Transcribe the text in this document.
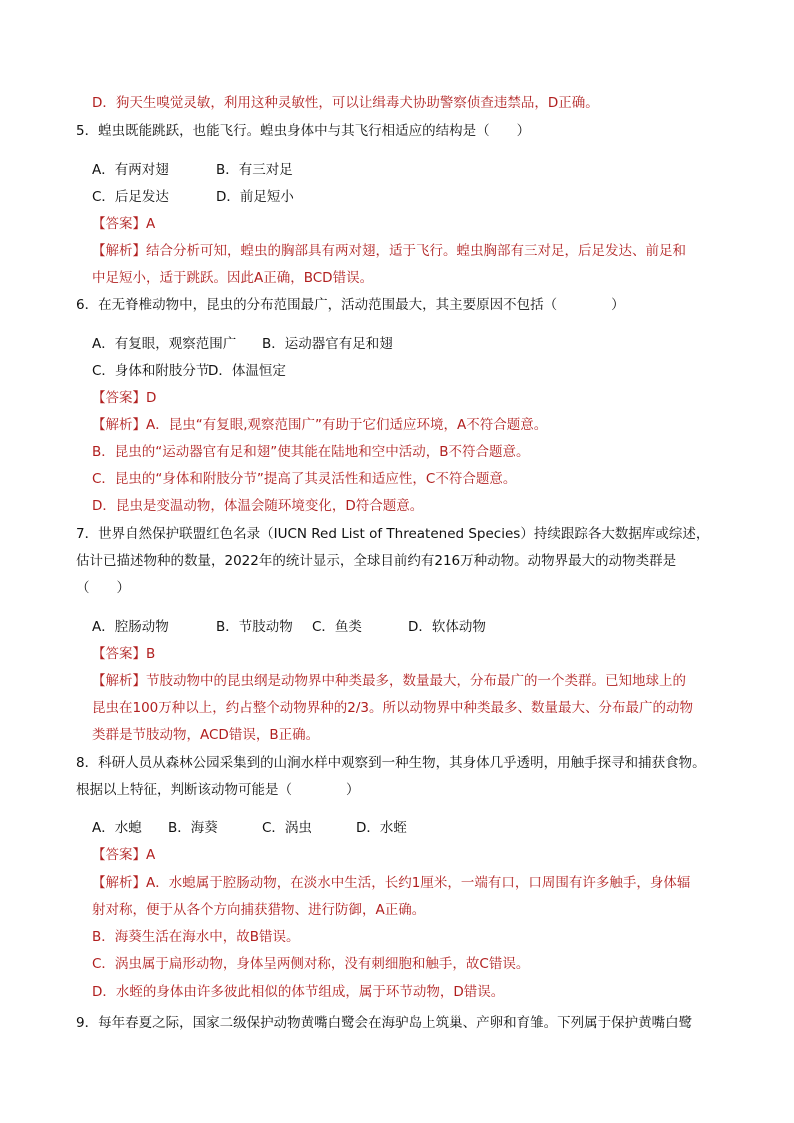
D．狗天生嗅觉灵敏，利用这种灵敏性，可以让缉毒犬协助警察侦查违禁品，D正确。
5．蝗虫既能跳跃，也能飞行。蝗虫身体中与其飞行相适应的结构是（　　）
A．有两对翅	B．有三对足
C．后足发达	D．前足短小
【答案】A
【解析】结合分析可知，蝗虫的胸部具有两对翅，适于飞行。蝗虫胸部有三对足，后足发达、前足和
中足短小，适于跳跃。因此A正确，BCD错误。
6．在无脊椎动物中，昆虫的分布范围最广，活动范围最大，其主要原因不包括（　　　　）
A．有复眼，观察范围广 B．运动器官有足和翅
C．身体和附肢分节
D．体温恒定
【答案】D
【解析】A．昆虫“有复眼,观察范围广”有助于它们适应环境，A不符合题意。
B．昆虫的“运动器官有足和翅”使其能在陆地和空中活动，B不符合题意。
C．昆虫的“身体和附肢分节”提高了其灵活性和适应性，C不符合题意。
D．昆虫是变温动物，体温会随环境变化，D符合题意。
7．世界自然保护联盟红色名录（IUCN Red List of Threatened Species）持续跟踪各大数据库或综述，
估计已描述物种的数量，2022年的统计显示，全球目前约有216万种动物。动物界最大的动物类群是
（　　）
A．腔肠动物	B．节肢动物 C．鱼类	D．软体动物
【答案】B
【解析】节肢动物中的昆虫纲是动物界中种类最多，数量最大，分布最广的一个类群。已知地球上的
昆虫在100万种以上，约占整个动物界种的2/3。所以动物界中种类最多、数量最大、分布最广的动物
类群是节肢动物，ACD错误，B正确。
8．科研人员从森林公园采集到的山涧水样中观察到一种生物，其身体几乎透明，用触手探寻和捕获食物。
根据以上特征，判断该动物可能是（　　　　）
A．水螅 B．海葵	C．涡虫	D．水蛭
【答案】A
【解析】A．水螅属于腔肠动物，在淡水中生活，长约1厘米，一端有口，口周围有许多触手，身体辐
射对称，便于从各个方向捕获猎物、进行防御，A正确。
B．海葵生活在海水中，故B错误。
C．涡虫属于扁形动物，身体呈两侧对称，没有刺细胞和触手，故C错误。
D．水蛭的身体由许多彼此相似的体节组成，属于环节动物，D错误。
9．每年春夏之际，国家二级保护动物黄嘴白鹭会在海驴岛上筑巢、产卵和育雏。下列属于保护黄嘴白鹭
